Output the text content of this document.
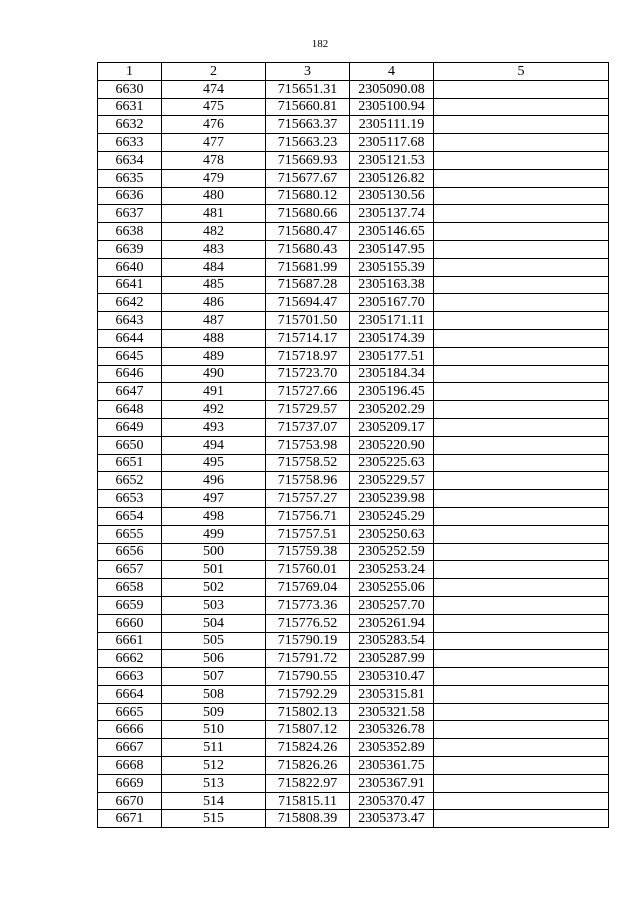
182
1	2	3	4	5
6630	474	715651.31	2305090.08	
6631	475	715660.81	2305100.94	
6632	476	715663.37	2305111.19	
6633	477	715663.23	2305117.68	
6634	478	715669.93	2305121.53	
6635	479	715677.67	2305126.82	
6636	480	715680.12	2305130.56	
6637	481	715680.66	2305137.74	
6638	482	715680.47	2305146.65	
6639	483	715680.43	2305147.95	
6640	484	715681.99	2305155.39	
6641	485	715687.28	2305163.38	
6642	486	715694.47	2305167.70	
6643	487	715701.50	2305171.11	
6644	488	715714.17	2305174.39	
6645	489	715718.97	2305177.51	
6646	490	715723.70	2305184.34	
6647	491	715727.66	2305196.45	
6648	492	715729.57	2305202.29	
6649	493	715737.07	2305209.17	
6650	494	715753.98	2305220.90	
6651	495	715758.52	2305225.63	
6652	496	715758.96	2305229.57	
6653	497	715757.27	2305239.98	
6654	498	715756.71	2305245.29	
6655	499	715757.51	2305250.63	
6656	500	715759.38	2305252.59	
6657	501	715760.01	2305253.24	
6658	502	715769.04	2305255.06	
6659	503	715773.36	2305257.70	
6660	504	715776.52	2305261.94	
6661	505	715790.19	2305283.54	
6662	506	715791.72	2305287.99	
6663	507	715790.55	2305310.47	
6664	508	715792.29	2305315.81	
6665	509	715802.13	2305321.58	
6666	510	715807.12	2305326.78	
6667	511	715824.26	2305352.89	
6668	512	715826.26	2305361.75	
6669	513	715822.97	2305367.91	
6670	514	715815.11	2305370.47	
6671	515	715808.39	2305373.47	
